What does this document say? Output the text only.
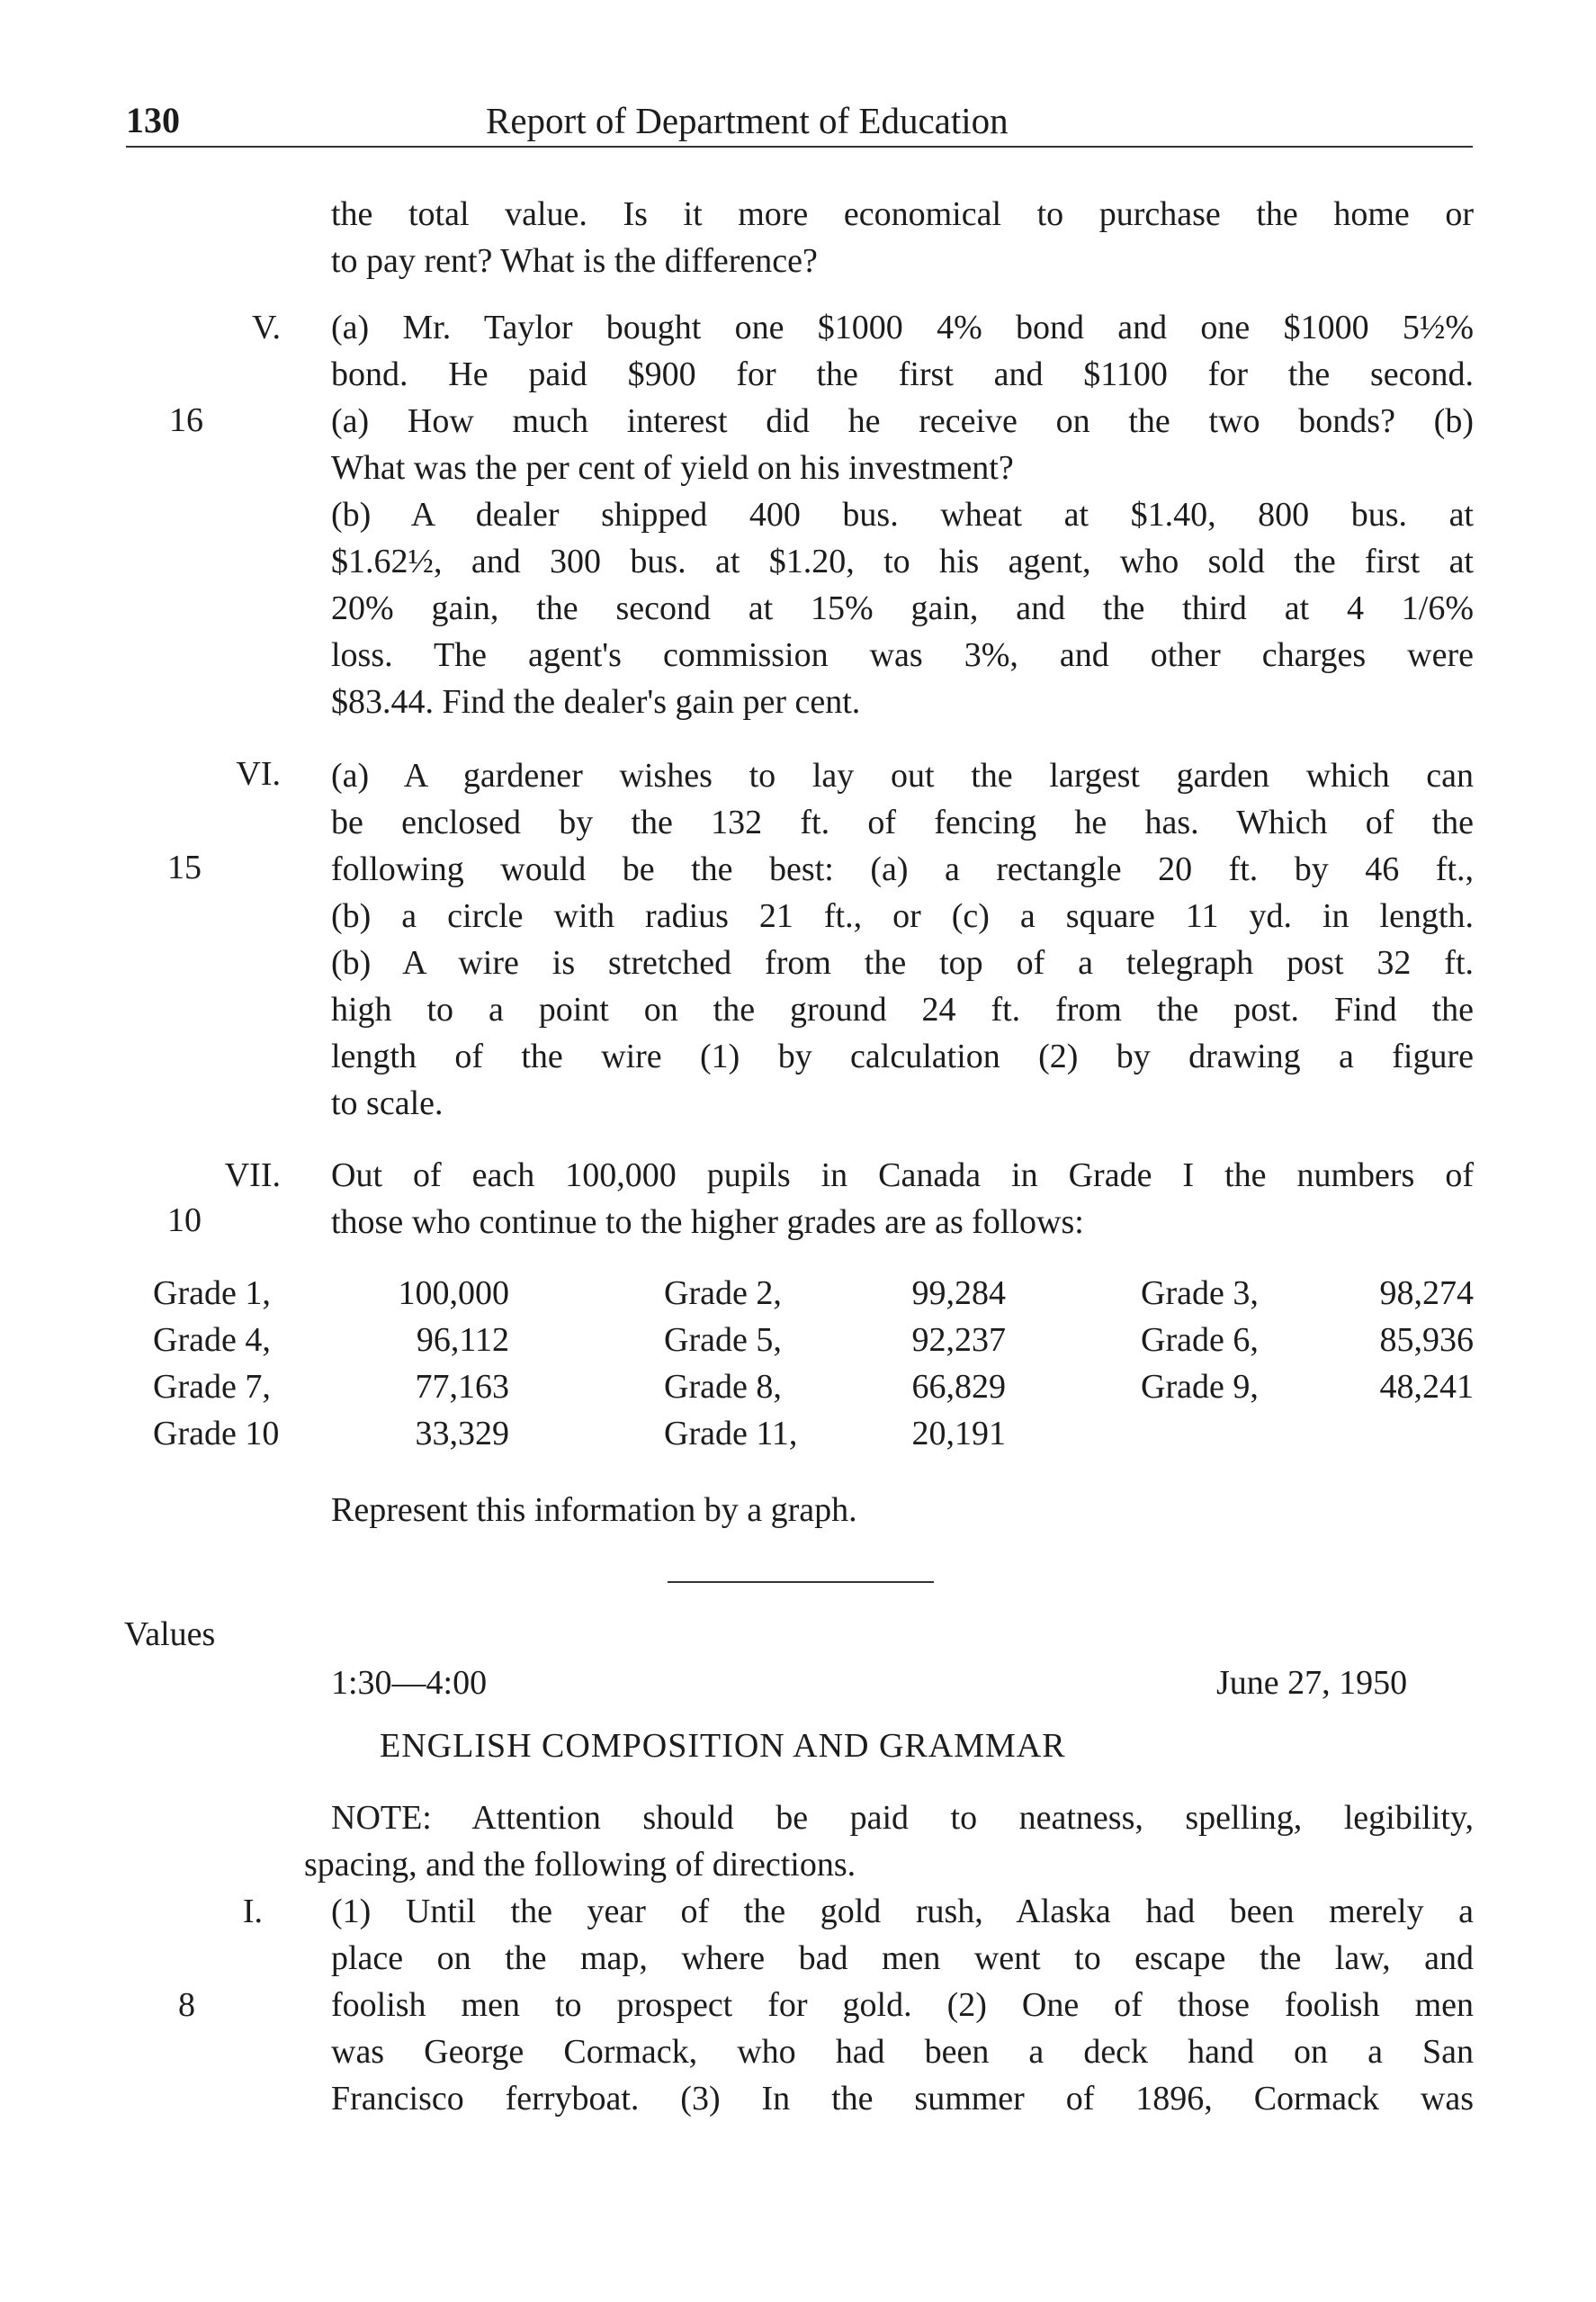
130	Report of Department of Education
the total value. Is it more economical to purchase the home or
to pay rent? What is the difference?
V.
16
(a) Mr. Taylor bought one $1000 4% bond and one $1000 5½%
bond. He paid $900 for the first and $1100 for the second.
(a) How much interest did he receive on the two bonds? (b)
What was the per cent of yield on his investment?
(b) A dealer shipped 400 bus. wheat at $1.40, 800 bus. at
$1.62½, and 300 bus. at $1.20, to his agent, who sold the first at
20% gain, the second at 15% gain, and the third at 4 1/6%
loss. The agent's commission was 3%, and other charges were
$83.44. Find the dealer's gain per cent.
VI.
15
(a) A gardener wishes to lay out the largest garden which can
be enclosed by the 132 ft. of fencing he has. Which of the
following would be the best: (a) a rectangle 20 ft. by 46 ft.,
(b) a circle with radius 21 ft., or (c) a square 11 yd. in length.
(b) A wire is stretched from the top of a telegraph post 32 ft.
high to a point on the ground 24 ft. from the post. Find the
length of the wire (1) by calculation (2) by drawing a figure
to scale.
VII.
10
Out of each 100,000 pupils in Canada in Grade I the numbers of
those who continue to the higher grades are as follows:
Grade 1,	100,000	Grade 2,	99,284	Grade 3,	98,274
Grade 4,	96,112	Grade 5,	92,237	Grade 6,	85,936
Grade 7,	77,163	Grade 8,	66,829	Grade 9,	48,241
Grade 10	33,329	Grade 11,	20,191
Represent this information by a graph.
Values
1:30—4:00	June 27, 1950
ENGLISH COMPOSITION AND GRAMMAR
NOTE: Attention should be paid to neatness, spelling, legibility,
spacing, and the following of directions.
I.
8
(1) Until the year of the gold rush, Alaska had been merely a
place on the map, where bad men went to escape the law, and
foolish men to prospect for gold. (2) One of those foolish men
was George Cormack, who had been a deck hand on a San
Francisco ferryboat. (3) In the summer of 1896, Cormack was
